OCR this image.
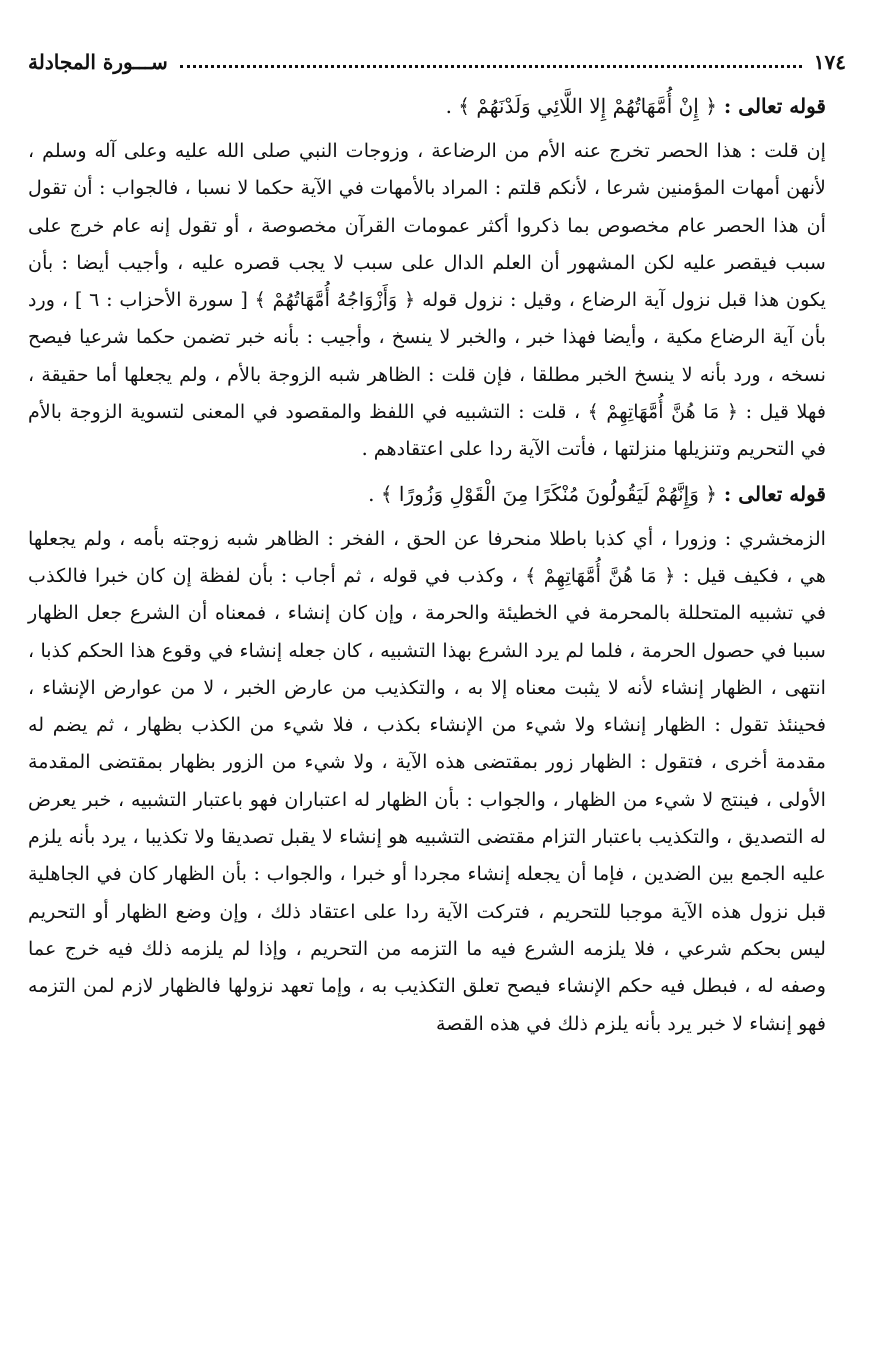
١٧٤
ســـورة المجادلة

قوله تعالى : ﴿ إِنْ أُمَّهَاتُهُمْ إِلا اللَّائِي وَلَدْنَهُمْ ﴾ .

إن قلت : هذا الحصر تخرج عنه الأم من الرضاعة ، وزوجات النبي صلى الله عليه وعلى آله وسلم ، لأنهن أمهات المؤمنين شرعا ، لأنكم قلتم : المراد بالأمهات في الآية حكما لا نسبا ، فالجواب : أن تقول أن هذا الحصر عام مخصوص بما ذكروا أكثر عمومات القرآن مخصوصة ، أو تقول إنه عام خرج على سبب فيقصر عليه لكن المشهور أن العلم الدال على سبب لا يجب قصره عليه ، وأجيب أيضا : بأن يكون هذا قبل نزول آية الرضاع ، وقيل : نزول قوله ﴿ وَأَزْوَاجُهُ أُمَّهَاتُهُمْ ﴾ [ سورة الأحزاب : ٦ ] ، ورد بأن آية الرضاع مكية ، وأيضا فهذا خبر ، والخبر لا ينسخ ، وأجيب : بأنه خبر تضمن حكما شرعيا فيصح نسخه ، ورد بأنه لا ينسخ الخبر مطلقا ، فإن قلت : الظاهر شبه الزوجة بالأم ، ولم يجعلها أما حقيقة ، فهلا قيل : ﴿ مَا هُنَّ أُمَّهَاتِهِمْ ﴾ ، قلت : التشبيه في اللفظ والمقصود في المعنى لتسوية الزوجة بالأم في التحريم وتنزيلها منزلتها ، فأتت الآية ردا على اعتقادهم .

قوله تعالى : ﴿ وَإِنَّهُمْ لَيَقُولُونَ مُنْكَرًا مِنَ الْقَوْلِ وَزُورًا ﴾ .

الزمخشري : وزورا ، أي كذبا باطلا منحرفا عن الحق ، الفخر : الظاهر شبه زوجته بأمه ، ولم يجعلها هي ، فكيف قيل : ﴿ مَا هُنَّ أُمَّهَاتِهِمْ ﴾ ، وكذب في قوله ، ثم أجاب : بأن لفظة إن كان خبرا فالكذب في تشبيه المتحللة بالمحرمة في الخطيئة والحرمة ، وإن كان إنشاء ، فمعناه أن الشرع جعل الظهار سببا في حصول الحرمة ، فلما لم يرد الشرع بهذا التشبيه ، كان جعله إنشاء في وقوع هذا الحكم كذبا ، انتهى ، الظهار إنشاء لأنه لا يثبت معناه إلا به ، والتكذيب من عارض الخبر ، لا من عوارض الإنشاء ، فحينئذ تقول : الظهار إنشاء ولا شيء من الإنشاء بكذب ، فلا شيء من الكذب بظهار ، ثم يضم له مقدمة أخرى ، فتقول : الظهار زور بمقتضى هذه الآية ، ولا شيء من الزور بظهار بمقتضى المقدمة الأولى ، فينتج لا شيء من الظهار ، والجواب : بأن الظهار له اعتباران فهو باعتبار التشبيه ، خبر يعرض له التصديق ، والتكذيب باعتبار التزام مقتضى التشبيه هو إنشاء لا يقبل تصديقا ولا تكذيبا ، يرد بأنه يلزم عليه الجمع بين الضدين ، فإما أن يجعله إنشاء مجردا أو خبرا ، والجواب : بأن الظهار كان في الجاهلية قبل نزول هذه الآية موجبا للتحريم ، فتركت الآية ردا على اعتقاد ذلك ، وإن وضع الظهار أو التحريم ليس بحكم شرعي ، فلا يلزمه الشرع فيه ما التزمه من التحريم ، وإذا لم يلزمه ذلك فيه خرج عما وصفه له ، فبطل فيه حكم الإنشاء فيصح تعلق التكذيب به ، وإما تعهد نزولها فالظهار لازم لمن التزمه فهو إنشاء لا خبر يرد بأنه يلزم ذلك في هذه القصة
